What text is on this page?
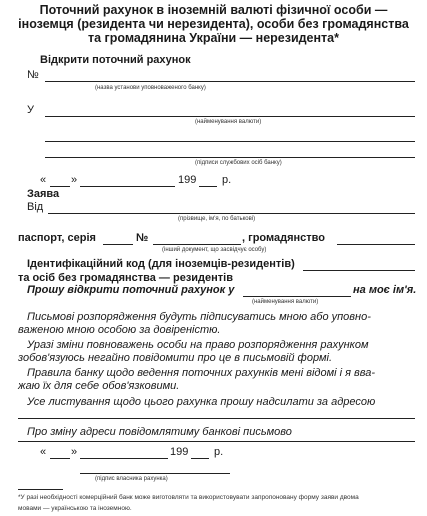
Поточний рахунок в іноземній валюті фізичної особи —
іноземця (резидента чи нерезидента), особи без громадянства
та громадянина України — нерезидента*
Відкрити поточний рахунок
№
(назва установи уповноваженого банку)
У
(найменування валюти)
(підписи службових осіб банку)
« »	199 р.
Заява
Від
(прізвище, ім'я, по батькові)
паспорт, серія	№	, громадянство
(інший документ, що засвідчує особу)
Ідентифікаційний код (для іноземців-резидентів)
та осіб без громадянства — резидентів
Прошу відкрити поточний рахунок у	на моє ім'я.
(найменування валюти)
Письмові розпорядження будуть підписуватись мною або уповно-
важеною мною особою за довіреністю.
Уразі зміни повноважень особи на право розпорядження рахунком
зобов'язуюсь негайно повідомити про це в письмовій формі.
Правила банку щодо ведення поточних рахунків мені відомі і я вва-
жаю їх для себе обов'язковими.
Усе листування щодо цього рахунка прошу надсилати за адресою
Про зміну адреси повідомлятиму банкові письмово
« »	199 р.
(підпис власника рахунка)
*У разі необхідності комерційний банк може виготовляти та використовувати запропоновану форму заяви двома
мовами — українською та іноземною.
